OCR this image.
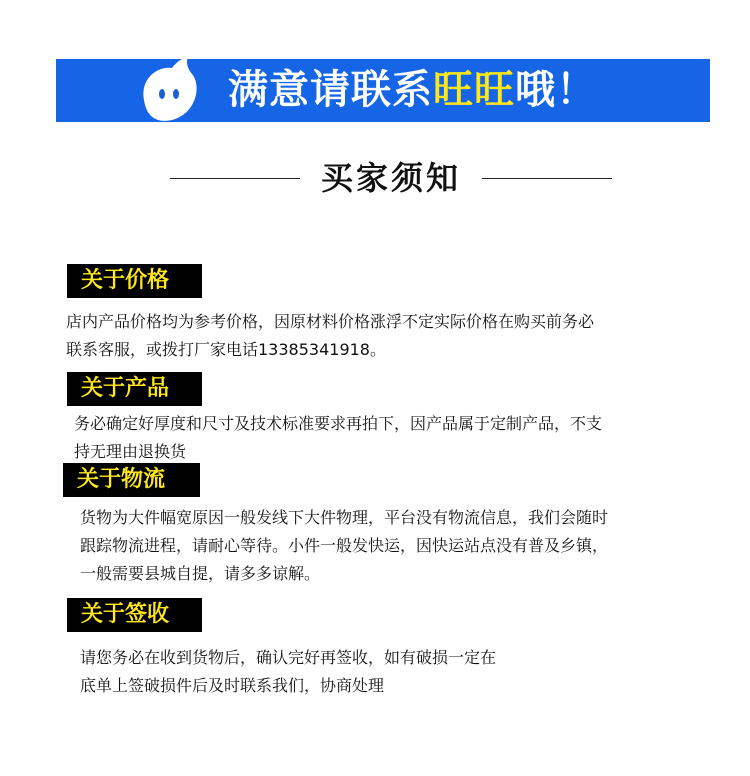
满意请联系旺旺哦！
买家须知
关于价格
店内产品价格均为参考价格，因原材料价格涨浮不定实际价格在购买前务必
联系客服，或拨打厂家电话13385341918。
关于产品
务必确定好厚度和尺寸及技术标准要求再拍下，因产品属于定制产品，不支
持无理由退换货
关于物流
货物为大件幅宽原因一般发线下大件物理，平台没有物流信息，我们会随时
跟踪物流进程，请耐心等待。小件一般发快运，因快运站点没有普及乡镇，
一般需要县城自提，请多多谅解。
关于签收
请您务必在收到货物后，确认完好再签收，如有破损一定在
底单上签破损件后及时联系我们，协商处理
